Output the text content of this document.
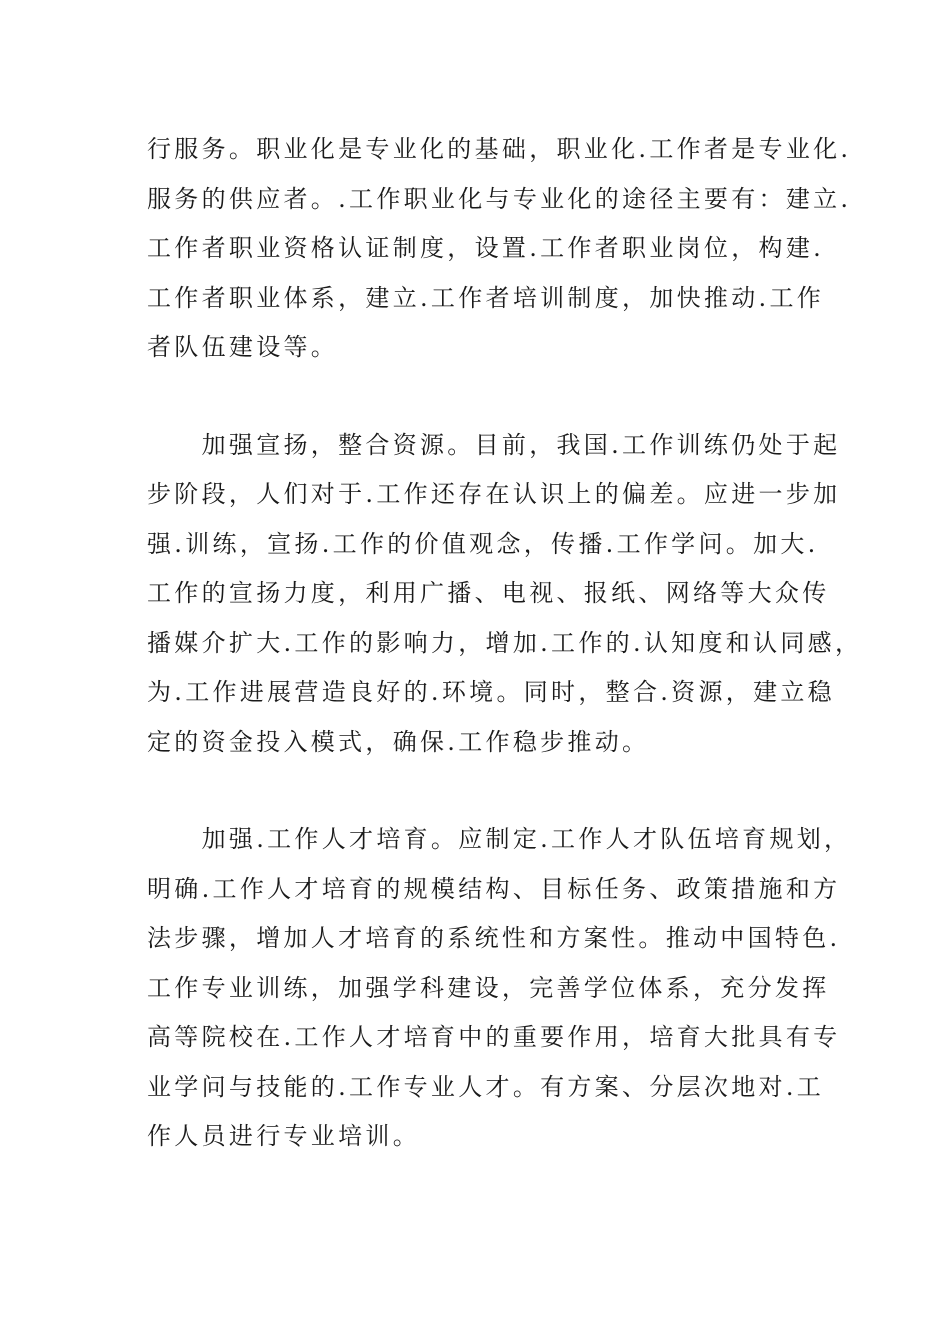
行服务。职业化是专业化的基础，职业化.工作者是专业化.
服务的供应者。.工作职业化与专业化的途径主要有：建立.
工作者职业资格认证制度，设置.工作者职业岗位，构建.
工作者职业体系，建立.工作者培训制度，加快推动.工作
者队伍建设等。

　　加强宣扬，整合资源。目前，我国.工作训练仍处于起
步阶段，人们对于.工作还存在认识上的偏差。应进一步加
强.训练，宣扬.工作的价值观念，传播.工作学问。加大.
工作的宣扬力度，利用广播、电视、报纸、网络等大众传
播媒介扩大.工作的影响力，增加.工作的.认知度和认同感，
为.工作进展营造良好的.环境。同时，整合.资源，建立稳
定的资金投入模式，确保.工作稳步推动。

　　加强.工作人才培育。应制定.工作人才队伍培育规划，
明确.工作人才培育的规模结构、目标任务、政策措施和方
法步骤，增加人才培育的系统性和方案性。推动中国特色.
工作专业训练，加强学科建设，完善学位体系，充分发挥
高等院校在.工作人才培育中的重要作用，培育大批具有专
业学问与技能的.工作专业人才。有方案、分层次地对.工
作人员进行专业培训。
